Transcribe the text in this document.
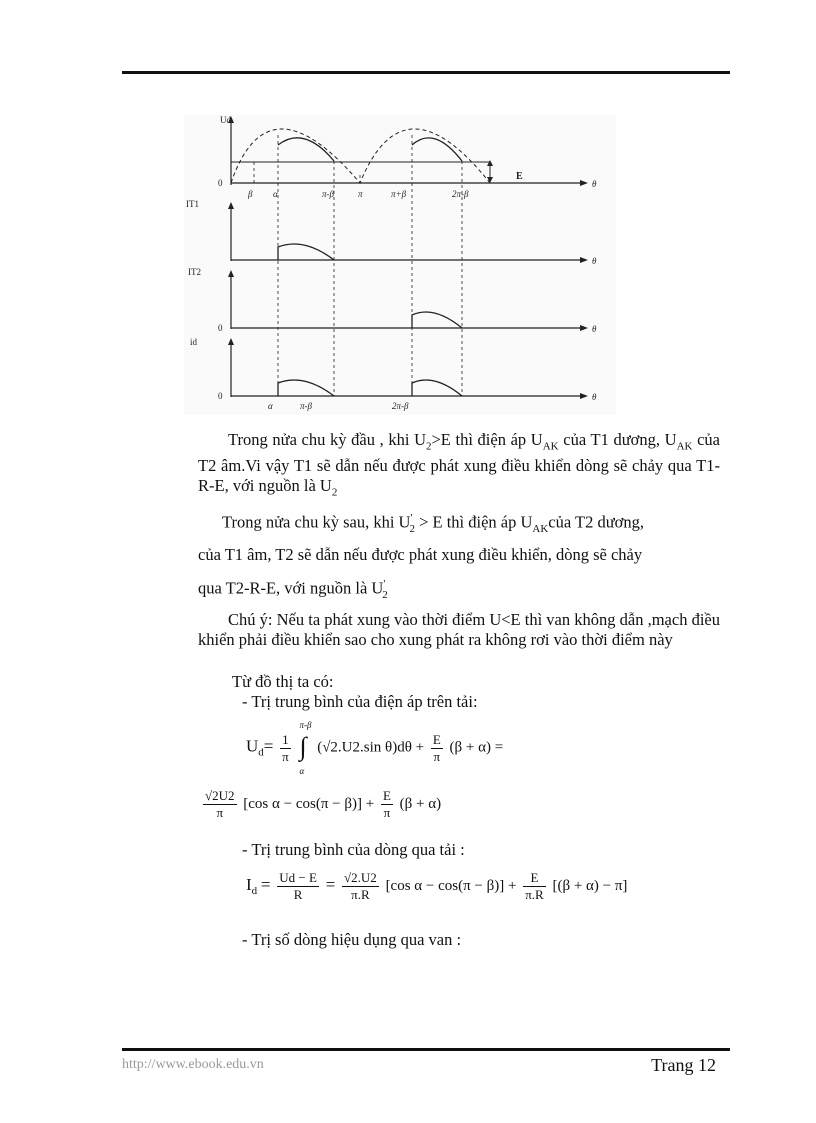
Ud
0	θ
E
β α	π-β	π	π+β	2π-β
IT1
θ
IT2
0	θ
id
0	θ
α	π-β	2π-β
Trong nửa chu kỳ đầu , khi $U_2>E$ thì điện áp $U_{AK}$ của T1 dương, $U_{AK}$ của T2 âm.Vi vậy T1 sẽ dẫn nếu được phát xung điều khiển dòng sẽ chảy qua T1-R-E, với nguồn là $U_2$
Trong nửa chu kỳ sau, khi $U'_2 > E$ thì điện áp $U_{AK}của$ T2 dương,
của T1 âm, T2 sẽ dẫn nếu được phát xung điều khiển, dòng sẽ chảy
qua T2-R-E, với nguồn là $U'_2$
Chú ý: Nếu ta phát xung vào thời điểm U<E thì van không dẫn ,mạch điều khiển phải điều khiển sao cho xung phát ra không rơi vào thời điểm này
Từ đồ thị ta có:
- Trị trung bình của điện áp trên tải:
$U_d= \frac{1}{\pi}$

π-β
∫
α
(√2.U2.sin $\theta)d\theta + \frac{E}{\pi} (\beta + \alpha)$ =
$\frac{√2U2}{\pi} [\cos$ $\alpha - \cos(\pi - \beta)] + \frac{E}{\pi} (\beta + \alpha)$
- Trị trung bình của dòng qua tải :
$I_d = \frac{Ud - E}{R} = \frac{√2.U2}{\pi.R} [\cos$ $\alpha - \cos(\pi - \beta)] + \frac{E}{\pi.R} [(\beta + \alpha) - \pi]$
- Trị số dòng hiệu dụng qua van :
http://www.ebook.edu.vn	Trang 12
